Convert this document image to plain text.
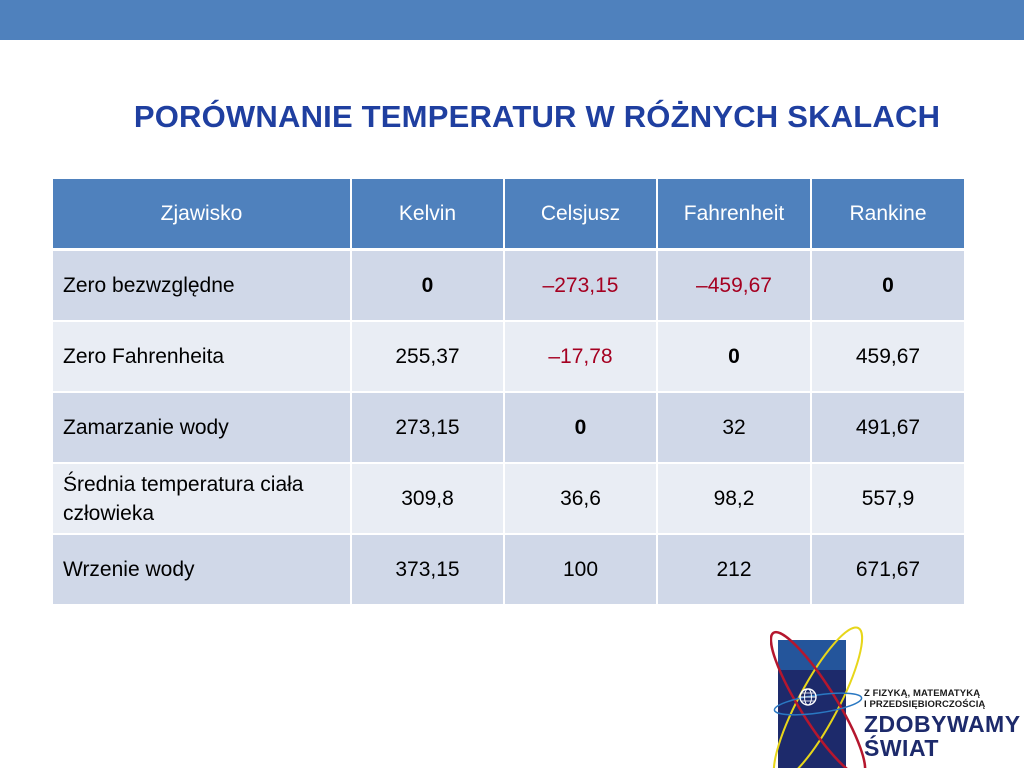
PORÓWNANIE TEMPERATUR W RÓŻNYCH SKALACH
Zjawisko	Kelvin	Celsjusz	Fahrenheit	Rankine
Zero bezwzględne	0	–273,15	–459,67	0
Zero Fahrenheita	255,37	–17,78	0	459,67
Zamarzanie wody	273,15	0	32	491,67
Średnia temperatura ciała człowieka	309,8	36,6	98,2	557,9
Wrzenie wody	373,15	100	212	671,67
Z FIZYKĄ, MATEMATYKĄ
I PRZEDSIĘBIORCZOŚCIĄ
ZDOBYWAMY
ŚWIAT
